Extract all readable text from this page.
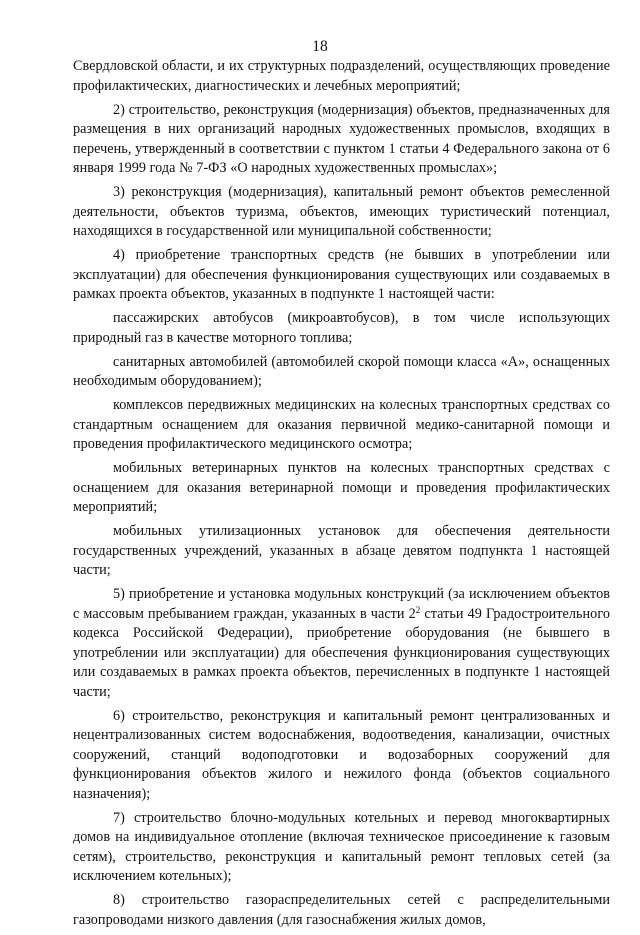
18

Свердловской области, и их структурных подразделений, осуществляющих проведение профилактических, диагностических и лечебных мероприятий;

2) строительство, реконструкция (модернизация) объектов, предназначенных для размещения в них организаций народных художественных промыслов, входящих в перечень, утвержденный в соответствии с пунктом 1 статьи 4 Федерального закона от 6 января 1999 года № 7-ФЗ «О народных художественных промыслах»;

3) реконструкция (модернизация), капитальный ремонт объектов ремесленной деятельности, объектов туризма, объектов, имеющих туристический потенциал, находящихся в государственной или муниципальной собственности;

4) приобретение транспортных средств (не бывших в употреблении или эксплуатации) для обеспечения функционирования существующих или создаваемых в рамках проекта объектов, указанных в подпункте 1 настоящей части:

пассажирских автобусов (микроавтобусов), в том числе использующих природный газ в качестве моторного топлива;

санитарных автомобилей (автомобилей скорой помощи класса «А», оснащенных необходимым оборудованием);

комплексов передвижных медицинских на колесных транспортных средствах со стандартным оснащением для оказания первичной медико-санитарной помощи и проведения профилактического медицинского осмотра;

мобильных ветеринарных пунктов на колесных транспортных средствах с оснащением для оказания ветеринарной помощи и проведения профилактических мероприятий;

мобильных утилизационных установок для обеспечения деятельности государственных учреждений, указанных в абзаце девятом подпункта 1 настоящей части;

5) приобретение и установка модульных конструкций (за исключением объектов с массовым пребыванием граждан, указанных в части $2^2$ статьи 49 Градостроительного кодекса Российской Федерации), приобретение оборудования (не бывшего в употреблении или эксплуатации) для обеспечения функционирования существующих или создаваемых в рамках проекта объектов, перечисленных в подпункте 1 настоящей части;

6) строительство, реконструкция и капитальный ремонт централизованных и нецентрализованных систем водоснабжения, водоотведения, канализации, очистных сооружений, станций водоподготовки и водозаборных сооружений для функционирования объектов жилого и нежилого фонда (объектов социального назначения);

7) строительство блочно-модульных котельных и перевод многоквартирных домов на индивидуальное отопление (включая техническое присоединение к газовым сетям), строительство, реконструкция и капитальный ремонт тепловых сетей (за исключением котельных);

8) строительство газораспределительных сетей с распределительными газопроводами низкого давления (для газоснабжения жилых домов,
